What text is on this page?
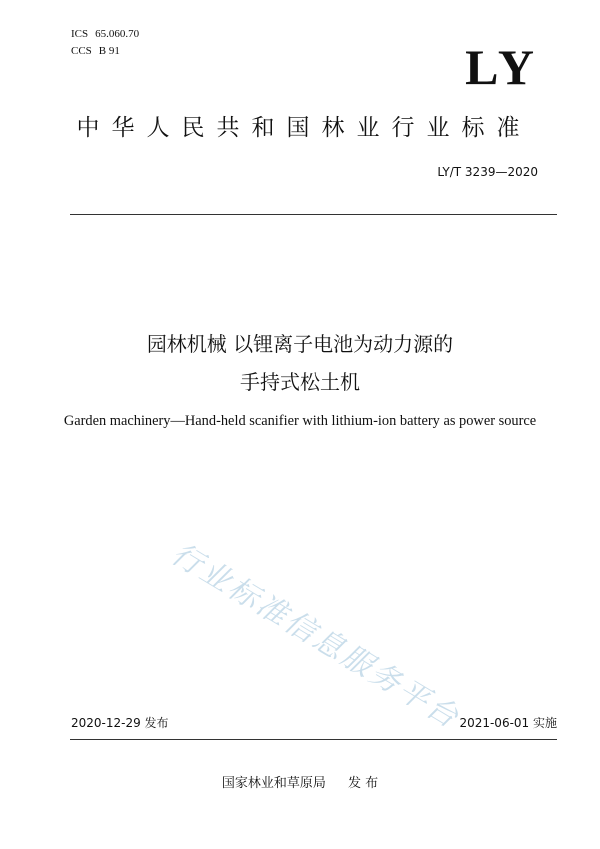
ICS 65.060.70
CCS B 91	LY
中华人民共和国林业行业标准
LY/T 3239—2020
园林机械 以锂离子电池为动力源的
手持式松土机
Garden machinery—Hand-held scanifier with lithium-ion battery as power source
行业标准信息服务平台
2020-12-29 发布	2021-06-01 实施
国家林业和草原局 发 布
